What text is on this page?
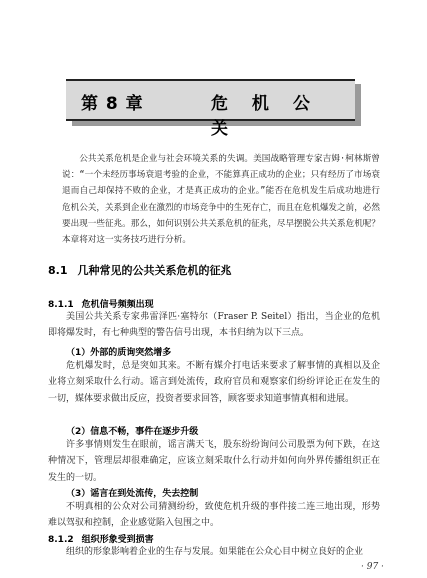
第 8 章	危 机 公 关
公共关系危机是企业与社会环境关系的失调。美国战略管理专家吉姆·柯林斯曾说：“一个未经历事场衰退考验的企业，不能算真正成功的企业；只有经历了市场衰退而自己却保持不败的企业，才是真正成功的企业。”能否在危机发生后成功地进行危机公关，关系到企业在激烈的市场竞争中的生死存亡，而且在危机爆发之前，必然要出现一些征兆。那么，如何识别公共关系危机的征兆，尽早摆脱公共关系危机呢？本章将对这一实务技巧进行分析。
8.1 几种常见的公共关系危机的征兆
8.1.1 危机信号频频出现
美国公共关系专家弗雷泽匹·塞特尔（Fraser P. Seitel）指出，当企业的危机即将爆发时，有七种典型的警告信号出现，本书归纳为以下三点。
（1）外部的质询突然增多
危机爆发时，总是突如其来。不断有媒介打电话来要求了解事情的真相以及企业将立刻采取什么行动。谣言到处流传，政府官员和观察家们纷纷评论正在发生的一切，媒体要求做出反应，投资者要求回答，顾客要求知道事情真相和进展。
（2）信息不畅，事件在逐步升级
许多事情则发生在眼前，谣言满天飞，股东纷纷询问公司股票为何下跌，在这种情况下，管理层却很难确定，应该立刻采取什么行动并如何向外界传播组织正在发生的一切。
（3）谣言在到处流传，失去控制
不明真相的公众对公司猜测纷纷，致使危机升级的事件接二连三地出现，形势难以驾驭和控制，企业感觉陷入包围之中。
8.1.2 组织形象受到损害
组织的形象影响着企业的生存与发展。如果能在公众心目中树立良好的企业
· 97 ·
